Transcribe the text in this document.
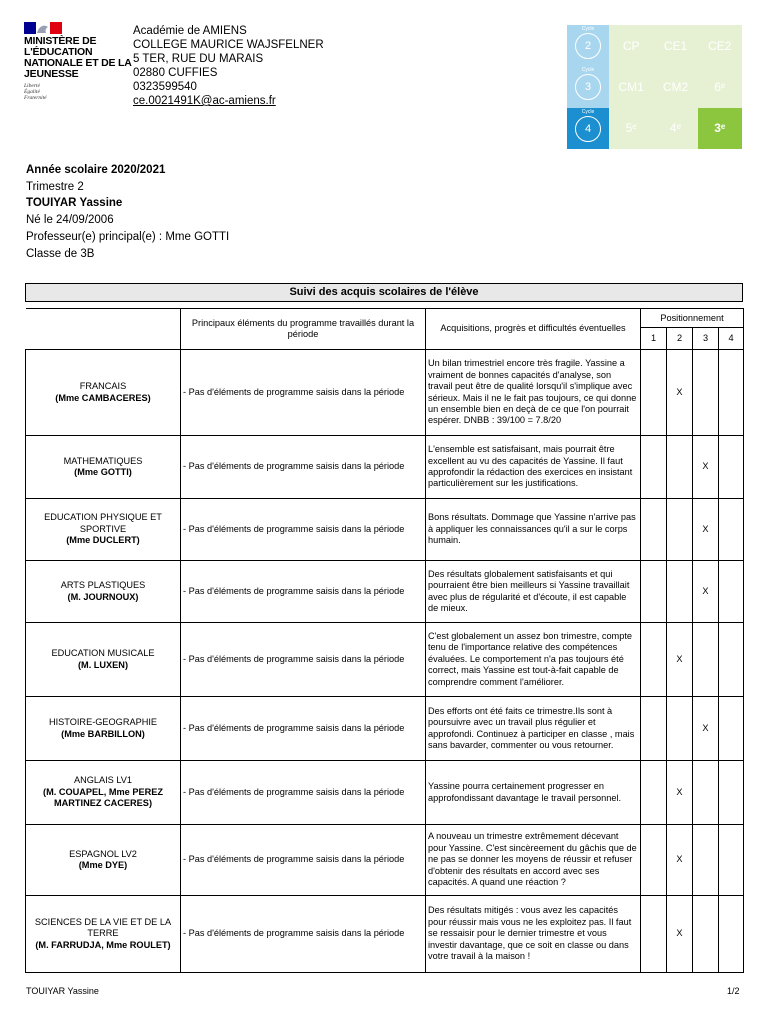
MINISTÈRE DE L'ÉDUCATION NATIONALE ET DE LA JEUNESSE
Liberté
Égalité
Fraternité
Académie de AMIENS
COLLEGE MAURICE WAJSFELNER
5 TER, RUE DU MARAIS
02880 CUFFIES
0323599540
ce.0021491K@ac-amiens.fr
Cycle
2	CP	CE1	CE2
Cycle
3	CM1	CM2	6ᵉ
Cycle
4	5ᵉ	4ᵉ	3ᵉ
Année scolaire 2020/2021
Trimestre 2
TOUIYAR Yassine
Né le 24/09/2006
Professeur(e) principal(e) : Mme GOTTI
Classe de 3B
Suivi des acquis scolaires de l'élève
	Principaux éléments du programme travaillés durant la période	Acquisitions, progrès et difficultés éventuelles	Positionnement			
			1	2	3	4

FRANCAIS
(Mme CAMBACERES)	- Pas d'éléments de programme saisis dans la période	Un bilan trimestriel encore très fragile. Yassine a vraiment de bonnes capacités d'analyse, son travail peut être de qualité lorsqu'il s'implique avec sérieux. Mais il ne le fait pas toujours, ce qui donne un ensemble bien en deçà de ce que l'on pourrait espérer. DNBB : 39/100 = 7.8/20		X		

MATHEMATIQUES
(Mme GOTTI)	- Pas d'éléments de programme saisis dans la période	L'ensemble est satisfaisant, mais pourrait être excellent au vu des capacités de Yassine. Il faut approfondir la rédaction des exercices en insistant particulièrement sur les justifications.			X	

EDUCATION PHYSIQUE ET SPORTIVE
(Mme DUCLERT)	- Pas d'éléments de programme saisis dans la période	Bons résultats. Dommage que Yassine n'arrive pas à appliquer les connaissances qu'il a sur le corps humain.			X	

ARTS PLASTIQUES
(M. JOURNOUX)	- Pas d'éléments de programme saisis dans la période	Des résultats globalement satisfaisants et qui pourraient être bien meilleurs si Yassine travaillait avec plus de régularité et d'écoute, il est capable de mieux.			X	

EDUCATION MUSICALE
(M. LUXEN)	- Pas d'éléments de programme saisis dans la période	C'est globalement un assez bon trimestre, compte tenu de l'importance relative des compétences évaluées. Le comportement n'a pas toujours été correct, mais Yassine est tout-à-fait capable de comprendre comment l'améliorer.		X		

HISTOIRE-GEOGRAPHIE
(Mme BARBILLON)	- Pas d'éléments de programme saisis dans la période	Des efforts ont été faits ce trimestre.Ils sont à poursuivre avec un travail plus régulier et approfondi. Continuez à participer en classe , mais sans bavarder, commenter ou vous retourner.			X	

ANGLAIS LV1
(M. COUAPEL, Mme PEREZ MARTINEZ CACERES)	- Pas d'éléments de programme saisis dans la période	Yassine pourra certainement progresser en approfondissant davantage le travail personnel.		X		

ESPAGNOL LV2
(Mme DYE)	- Pas d'éléments de programme saisis dans la période	A nouveau un trimestre extrêmement décevant pour Yassine. C'est sincèreement du gâchis que de ne pas se donner les moyens de réussir et refuser d'obtenir des résultats en accord avec ses capacités. A quand une réaction ?		X		

SCIENCES DE LA VIE ET DE LA TERRE
(M. FARRUDJA, Mme ROULET)	- Pas d'éléments de programme saisis dans la période	Des résultats mitigés : vous avez les capacités pour réussir mais vous ne les exploitez pas. Il faut se ressaisir pour le dernier trimestre et vous investir davantage, que ce soit en classe ou dans votre travail à la maison !		X		
TOUIYAR Yassine	1/2
